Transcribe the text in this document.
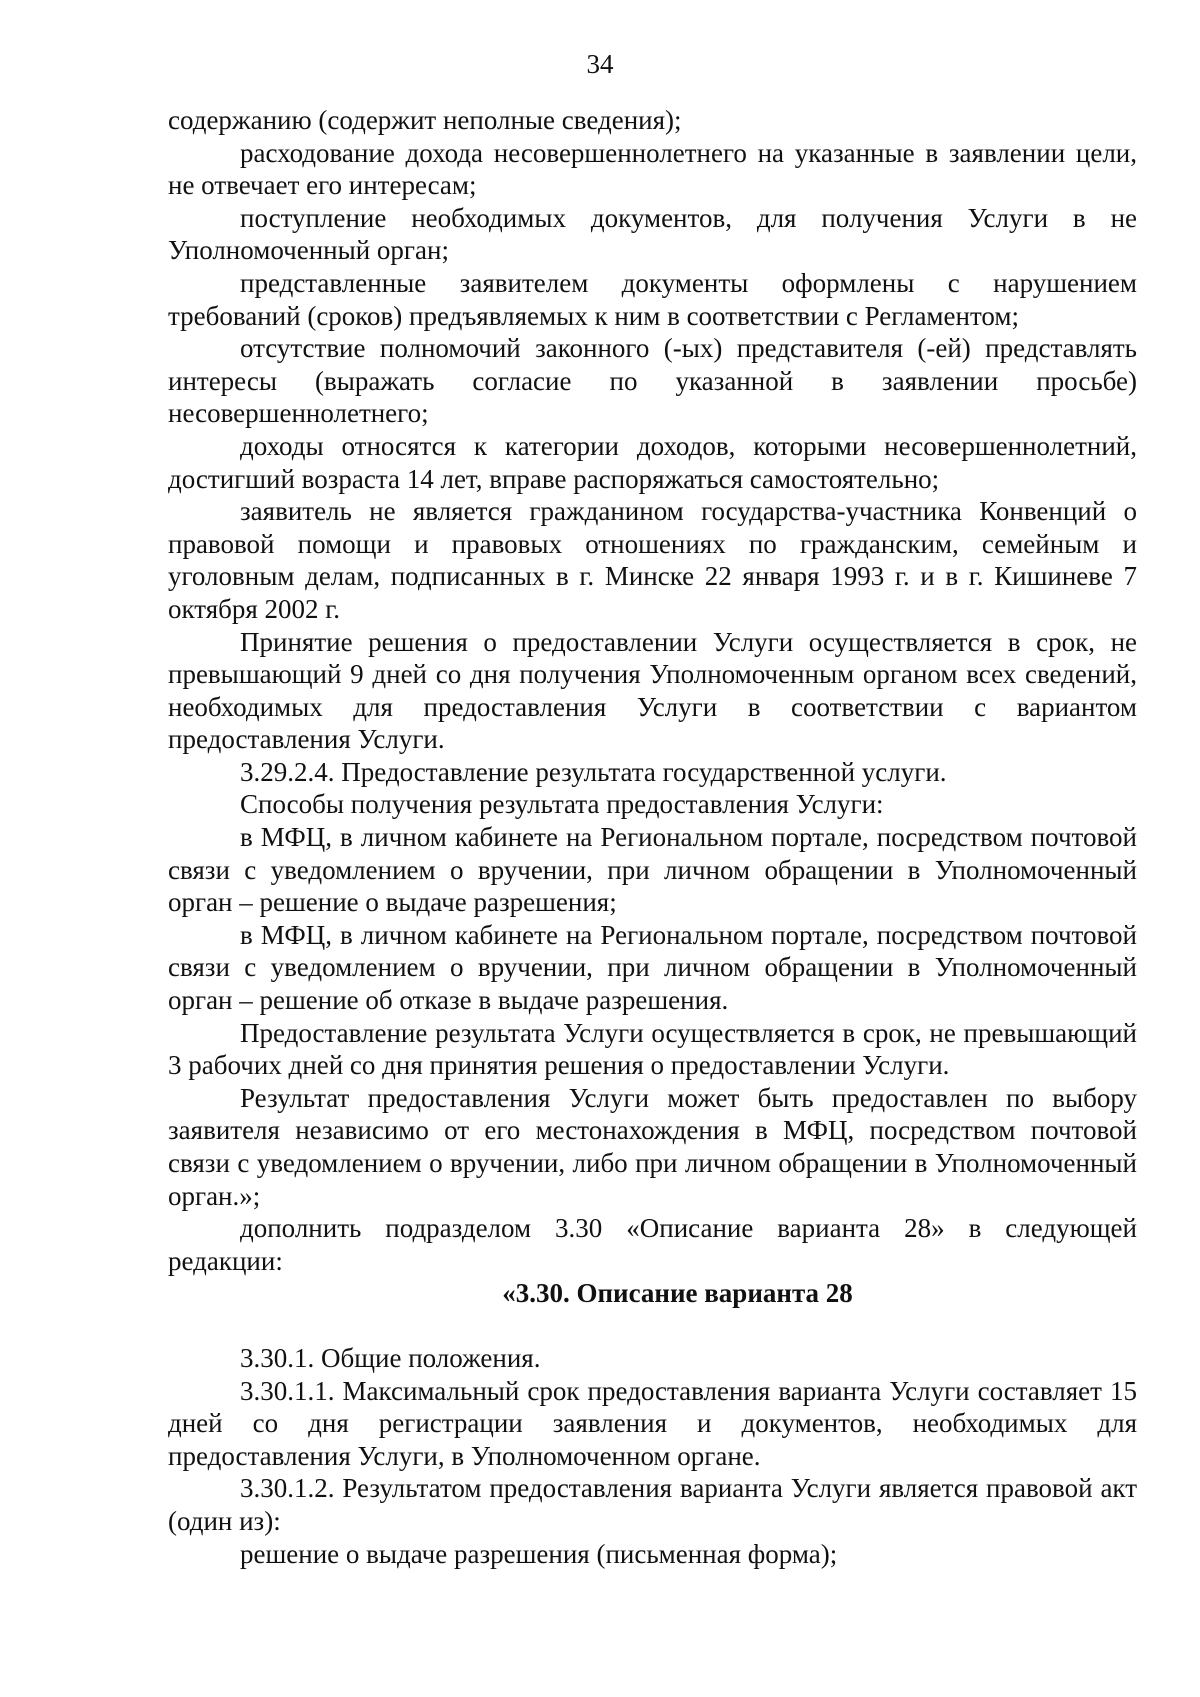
34

содержанию (содержит неполные сведения);

расходование дохода несовершеннолетнего на указанные в заявлении цели, не отвечает его интересам;

поступление необходимых документов, для получения Услуги в не Уполномоченный орган;

представленные заявителем документы оформлены с нарушением требований (сроков) предъявляемых к ним в соответствии с Регламентом;

отсутствие полномочий законного (-ых) представителя (-ей) представлять интересы (выражать согласие по указанной в заявлении просьбе) несовершеннолетнего;

доходы относятся к категории доходов, которыми несовершеннолетний, достигший возраста 14 лет, вправе распоряжаться самостоятельно;

заявитель не является гражданином государства-участника Конвенций о правовой помощи и правовых отношениях по гражданским, семейным и уголовным делам, подписанных в г. Минске 22 января 1993 г. и в г. Кишиневе 7 октября 2002 г.

Принятие решения о предоставлении Услуги осуществляется в срок, не превышающий 9 дней со дня получения Уполномоченным органом всех сведений, необходимых для предоставления Услуги в соответствии с вариантом предоставления Услуги.

3.29.2.4. Предоставление результата государственной услуги.

Способы получения результата предоставления Услуги:

в МФЦ, в личном кабинете на Региональном портале, посредством почтовой связи с уведомлением о вручении, при личном обращении в Уполномоченный орган – решение о выдаче разрешения;

в МФЦ, в личном кабинете на Региональном портале, посредством почтовой связи с уведомлением о вручении, при личном обращении в Уполномоченный орган – решение об отказе в выдаче разрешения.

Предоставление результата Услуги осуществляется в срок, не превышающий 3 рабочих дней со дня принятия решения о предоставлении Услуги.

Результат предоставления Услуги может быть предоставлен по выбору заявителя независимо от его местонахождения в МФЦ, посредством почтовой связи с уведомлением о вручении, либо при личном обращении в Уполномоченный орган.»;

дополнить подразделом 3.30 «Описание варианта 28» в следующей редакции:

«3.30. Описание варианта 28

3.30.1. Общие положения.

3.30.1.1. Максимальный срок предоставления варианта Услуги составляет 15 дней со дня регистрации заявления и документов, необходимых для предоставления Услуги, в Уполномоченном органе.

3.30.1.2. Результатом предоставления варианта Услуги является правовой акт (один из):

решение о выдаче разрешения (письменная форма);
